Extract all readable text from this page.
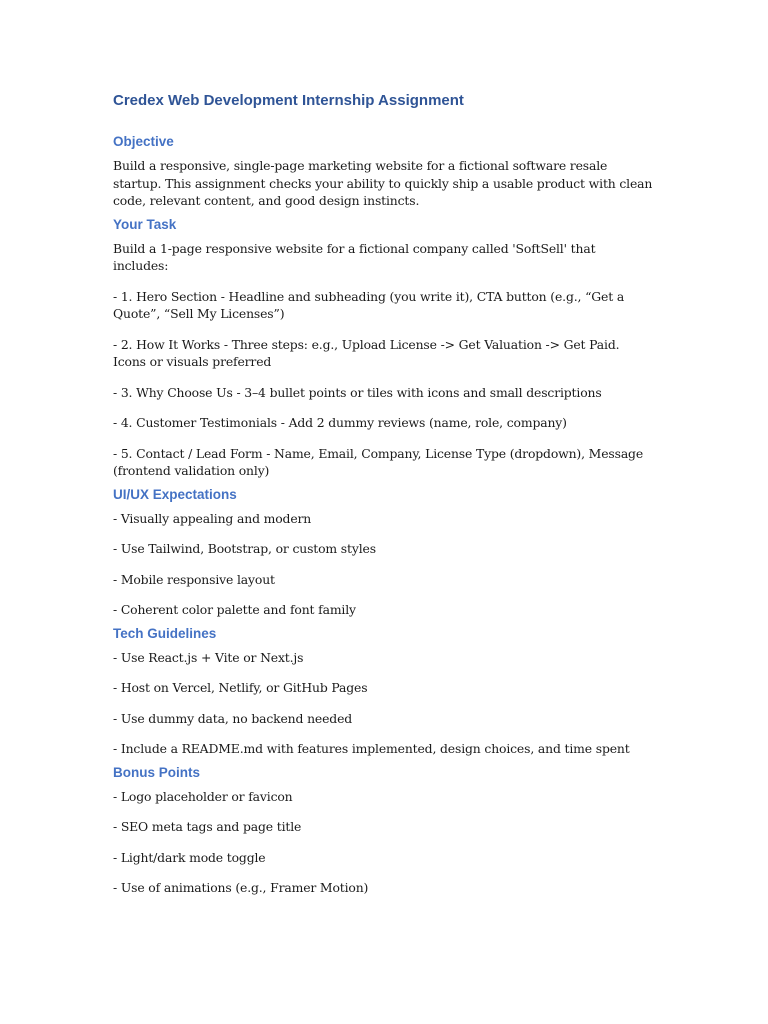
Credex Web Development Internship Assignment
Objective

Build a responsive, single-page marketing website for a fictional software resale startup. This assignment checks your ability to quickly ship a usable product with clean code, relevant content, and good design instincts.

Your Task

Build a 1-page responsive website for a fictional company called 'SoftSell' that includes:

- 1. Hero Section - Headline and subheading (you write it), CTA button (e.g., “Get a Quote”, “Sell My Licenses”)

- 2. How It Works - Three steps: e.g., Upload License -> Get Valuation -> Get Paid. Icons or visuals preferred

- 3. Why Choose Us - 3–4 bullet points or tiles with icons and small descriptions

- 4. Customer Testimonials - Add 2 dummy reviews (name, role, company)

- 5. Contact / Lead Form - Name, Email, Company, License Type (dropdown), Message (frontend validation only)

UI/UX Expectations

- Visually appealing and modern

- Use Tailwind, Bootstrap, or custom styles

- Mobile responsive layout

- Coherent color palette and font family

Tech Guidelines

- Use React.js + Vite or Next.js

- Host on Vercel, Netlify, or GitHub Pages

- Use dummy data, no backend needed

- Include a README.md with features implemented, design choices, and time spent

Bonus Points

- Logo placeholder or favicon

- SEO meta tags and page title

- Light/dark mode toggle

- Use of animations (e.g., Framer Motion)
